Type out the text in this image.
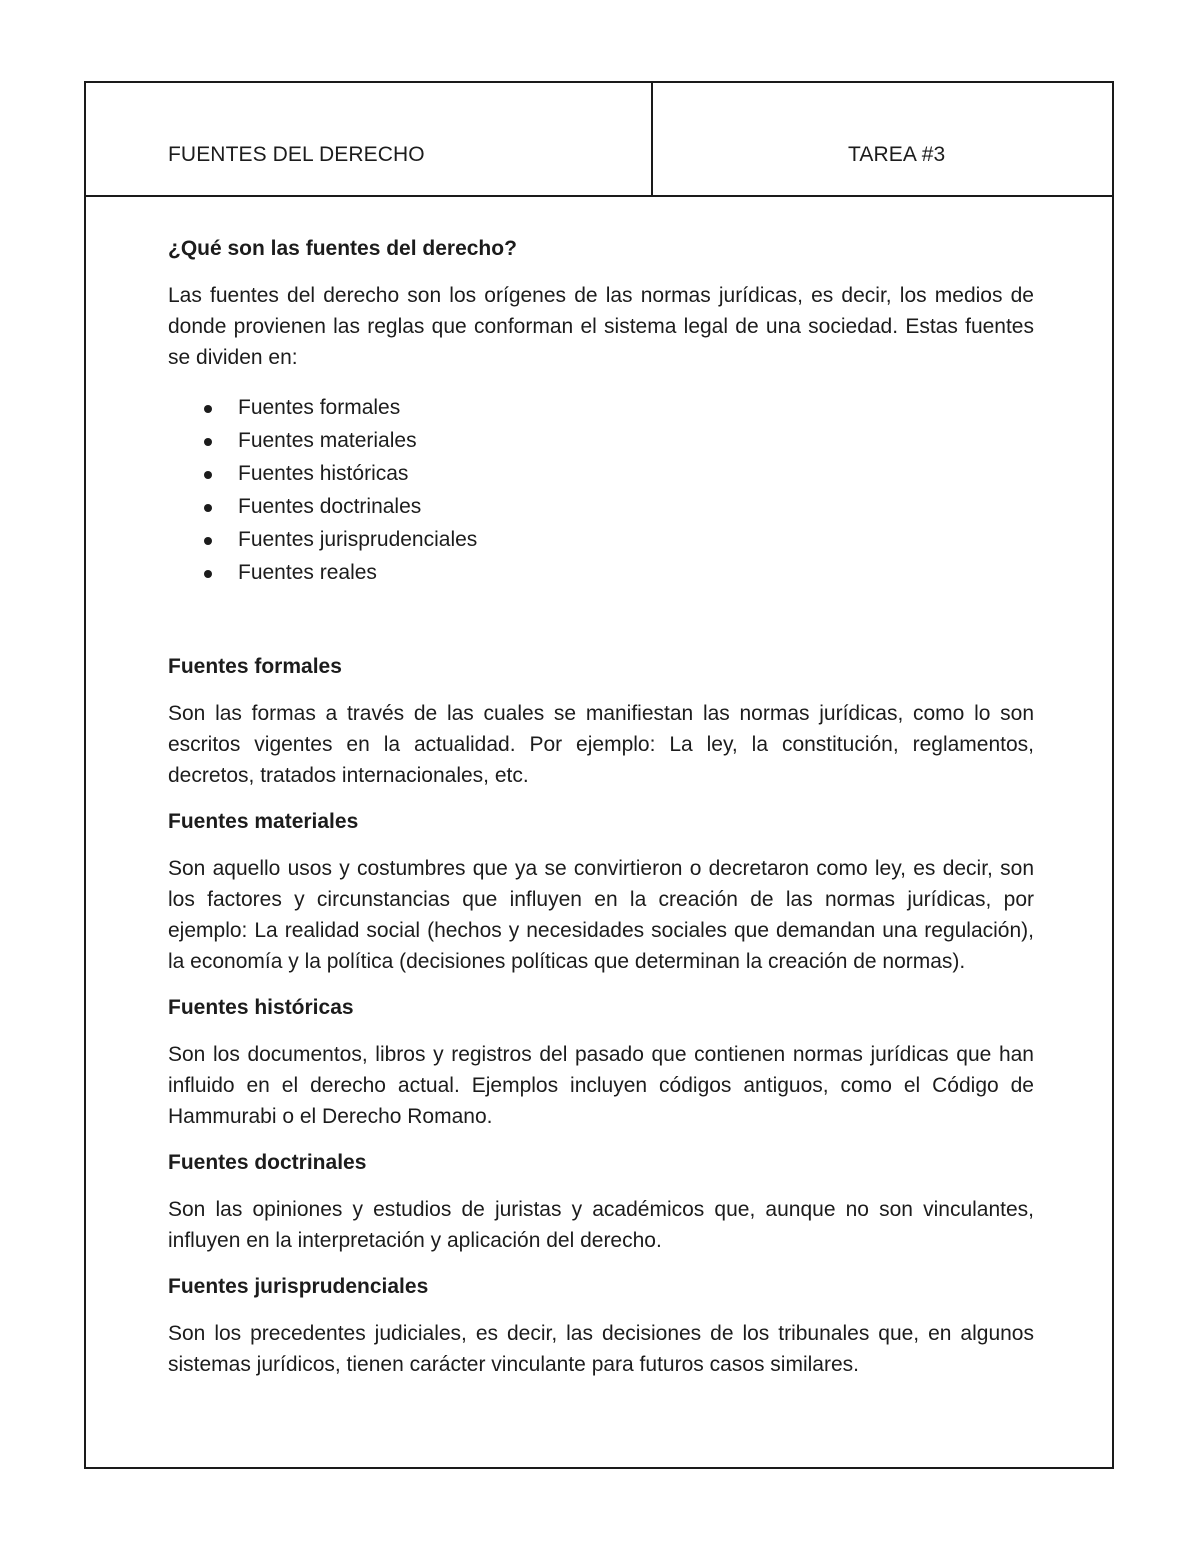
FUENTES DEL DERECHO	TAREA #3

¿Qué son las fuentes del derecho?

Las fuentes del derecho son los orígenes de las normas jurídicas, es decir, los medios de donde provienen las reglas que conforman el sistema legal de una sociedad. Estas fuentes se dividen en:

Fuentes formales
Fuentes materiales
Fuentes históricas
Fuentes doctrinales
Fuentes jurisprudenciales
Fuentes reales

Fuentes formales

Son las formas a través de las cuales se manifiestan las normas jurídicas, como lo son escritos vigentes en la actualidad. Por ejemplo: La ley, la constitución, reglamentos, decretos, tratados internacionales, etc.

Fuentes materiales

Son aquello usos y costumbres que ya se convirtieron o decretaron como ley, es decir, son los factores y circunstancias que influyen en la creación de las normas jurídicas, por ejemplo: La realidad social (hechos y necesidades sociales que demandan una regulación), la economía y la política (decisiones políticas que determinan la creación de normas).

Fuentes históricas

Son los documentos, libros y registros del pasado que contienen normas jurídicas que han influido en el derecho actual. Ejemplos incluyen códigos antiguos, como el Código de Hammurabi o el Derecho Romano.

Fuentes doctrinales

Son las opiniones y estudios de juristas y académicos que, aunque no son vinculantes, influyen en la interpretación y aplicación del derecho.

Fuentes jurisprudenciales

Son los precedentes judiciales, es decir, las decisiones de los tribunales que, en algunos sistemas jurídicos, tienen carácter vinculante para futuros casos similares.
